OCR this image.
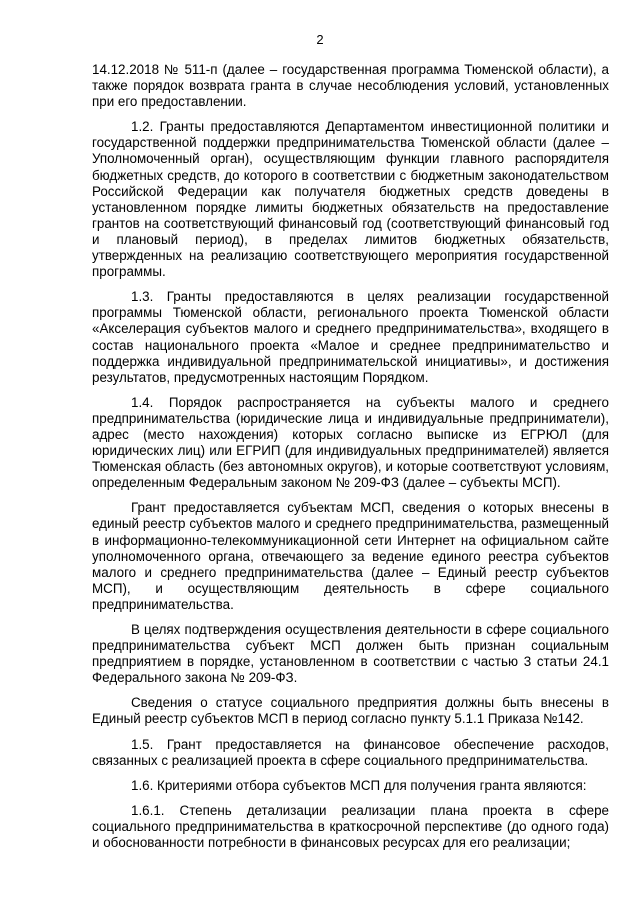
2

14.12.2018 № 511-п (далее – государственная программа Тюменской области), а также порядок возврата гранта в случае несоблюдения условий, установленных при его предоставлении.

1.2. Гранты предоставляются Департаментом инвестиционной политики и государственной поддержки предпринимательства Тюменской области (далее – Уполномоченный орган), осуществляющим функции главного распорядителя бюджетных средств, до которого в соответствии с бюджетным законодательством Российской Федерации как получателя бюджетных средств доведены в установленном порядке лимиты бюджетных обязательств на предоставление грантов на соответствующий финансовый год (соответствующий финансовый год и плановый период), в пределах лимитов бюджетных обязательств, утвержденных на реализацию соответствующего мероприятия государственной программы.

1.3. Гранты предоставляются в целях реализации государственной программы Тюменской области, регионального проекта Тюменской области «Акселерация субъектов малого и среднего предпринимательства», входящего в состав национального проекта «Малое и среднее предпринимательство и поддержка индивидуальной предпринимательской инициативы», и достижения результатов, предусмотренных настоящим Порядком.

1.4. Порядок распространяется на субъекты малого и среднего предпринимательства (юридические лица и индивидуальные предприниматели), адрес (место нахождения) которых согласно выписке из ЕГРЮЛ (для юридических лиц) или ЕГРИП (для индивидуальных предпринимателей) является Тюменская область (без автономных округов), и которые соответствуют условиям, определенным Федеральным законом № 209-ФЗ (далее – субъекты МСП).

Грант предоставляется субъектам МСП, сведения о которых внесены в единый реестр субъектов малого и среднего предпринимательства, размещенный в информационно-телекоммуникационной сети Интернет на официальном сайте уполномоченного органа, отвечающего за ведение единого реестра субъектов малого и среднего предпринимательства (далее – Единый реестр субъектов МСП), и осуществляющим деятельность в сфере социального предпринимательства.

В целях подтверждения осуществления деятельности в сфере социального предпринимательства субъект МСП должен быть признан социальным предприятием в порядке, установленном в соответствии с частью 3 статьи 24.1 Федерального закона № 209-ФЗ.

Сведения о статусе социального предприятия должны быть внесены в Единый реестр субъектов МСП в период согласно пункту 5.1.1 Приказа №142.

1.5. Грант предоставляется на финансовое обеспечение расходов, связанных с реализацией проекта в сфере социального предпринимательства.

1.6. Критериями отбора субъектов МСП для получения гранта являются:

1.6.1. Степень детализации реализации плана проекта в сфере социального предпринимательства в краткосрочной перспективе (до одного года) и обоснованности потребности в финансовых ресурсах для его реализации;
